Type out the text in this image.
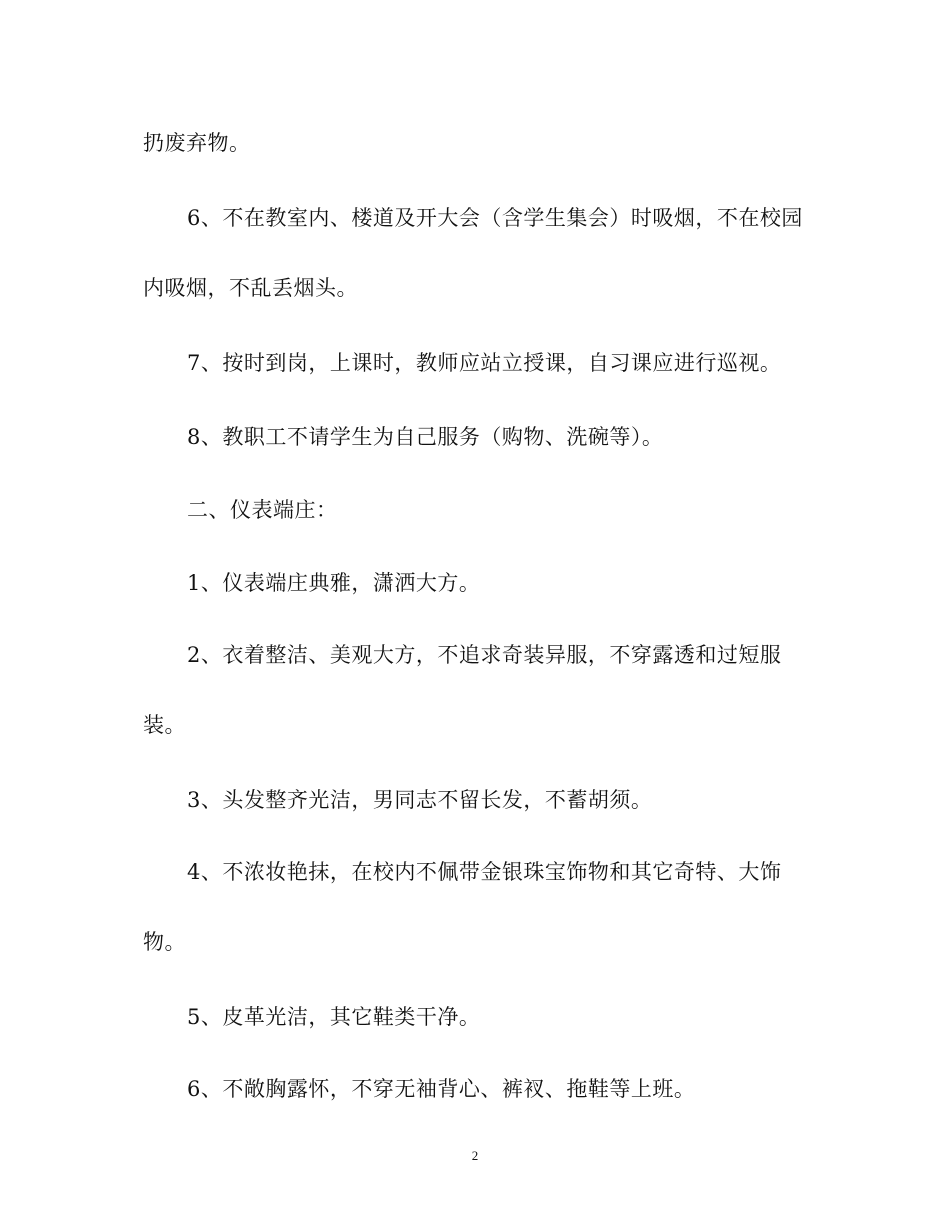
扔废弃物。
6、不在教室内、楼道及开大会（含学生集会）时吸烟，不在校园
内吸烟，不乱丢烟头。
7、按时到岗，上课时，教师应站立授课，自习课应进行巡视。
8、教职工不请学生为自己服务（购物、洗碗等）。
二、仪表端庄：
1、仪表端庄典雅，潇洒大方。
2、衣着整洁、美观大方，不追求奇装异服，不穿露透和过短服
装。
3、头发整齐光洁，男同志不留长发，不蓄胡须。
4、不浓妆艳抹，在校内不佩带金银珠宝饰物和其它奇特、大饰
物。
5、皮革光洁，其它鞋类干净。
6、不敞胸露怀，不穿无袖背心、裤衩、拖鞋等上班。
2
